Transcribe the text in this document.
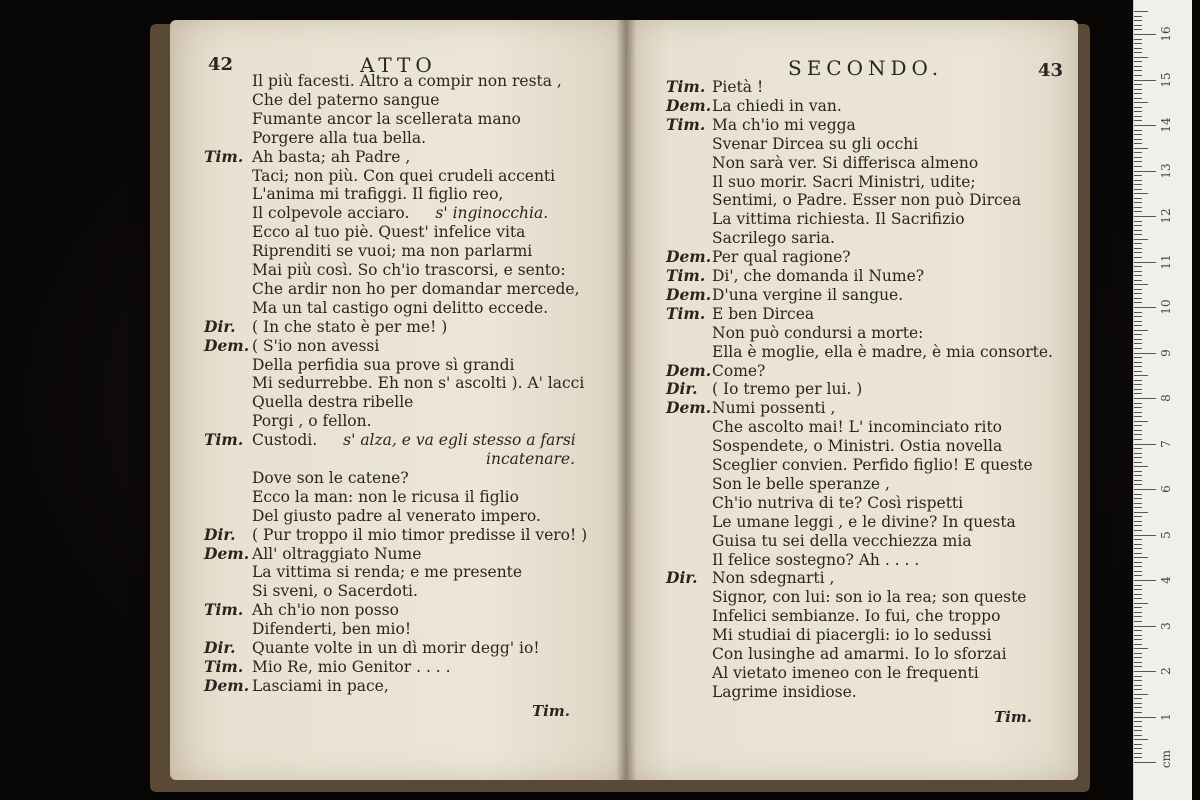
42	ATTO
Il più facesti. Altro a compir non resta ,
Che del paterno sangue
Fumante ancor la scellerata mano
Porgere alla tua bella.
Tim. Ah basta; ah Padre ,
Taci; non più. Con quei crudeli accenti
L'anima mi trafiggi. Il figlio reo,
Il colpevole acciaro. s' inginocchia.
Ecco al tuo piè. Quest' infelice vita
Riprenditi se vuoi; ma non parlarmi
Mai più così. So ch'io trascorsi, e sento:
Che ardir non ho per domandar mercede,
Ma un tal castigo ogni delitto eccede.
Dir. ( In che stato è per me! )
Dem. ( S'io non avessi
Della perfidia sua prove sì grandi
Mi sedurrebbe. Eh non s' ascolti ). A' lacci
Quella destra ribelle
Porgi , o fellon.
Tim. Custodi. s' alza, e va egli stesso a farsi
incatenare.
Dove son le catene?
Ecco la man: non le ricusa il figlio
Del giusto padre al venerato impero.
Dir. ( Pur troppo il mio timor predisse il vero! )
Dem. All' oltraggiato Nume
La vittima si renda; e me presente
Si sveni, o Sacerdoti.
Tim. Ah ch'io non posso
Difenderti, ben mio!
Dir. Quante volte in un dì morir degg' io!
Tim. Mio Re, mio Genitor . . . .
Dem. Lasciami in pace,
Tim.
SECONDO.	43
Tim. Pietà !
Dem.La chiedi in van.
Tim. Ma ch'io mi vegga
Svenar Dircea su gli occhi
Non sarà ver. Si differisca almeno
Il suo morir. Sacri Ministri, udite;
Sentimi, o Padre. Esser non può Dircea
La vittima richiesta. Il Sacrifizio
Sacrilego saria.
Dem.Per qual ragione?
Tim. Di', che domanda il Nume?
Dem.D'una vergine il sangue.
Tim. E ben Dircea
Non può condursi a morte:
Ella è moglie, ella è madre, è mia consorte.
Dem.Come?
Dir. ( Io tremo per lui. )
Dem.Numi possenti ,
Che ascolto mai! L' incominciato rito
Sospendete, o Ministri. Ostia novella
Sceglier convien. Perfido figlio! E queste
Son le belle speranze ,
Ch'io nutriva di te? Così rispetti
Le umane leggi , e le divine? In questa
Guisa tu sei della vecchiezza mia
Il felice sostegno? Ah . . . .
Dir. Non sdegnarti ,
Signor, con lui: son io la rea; son queste
Infelici sembianze. Io fui, che troppo
Mi studiai di piacergli: io lo sedussi
Con lusinghe ad amarmi. Io lo sforzai
Al vietato imeneo con le frequenti
Lagrime insidiose.
Tim.
cm
1
2
3
4
5
6
7
8
9
10
11
12
13
14
15
16
